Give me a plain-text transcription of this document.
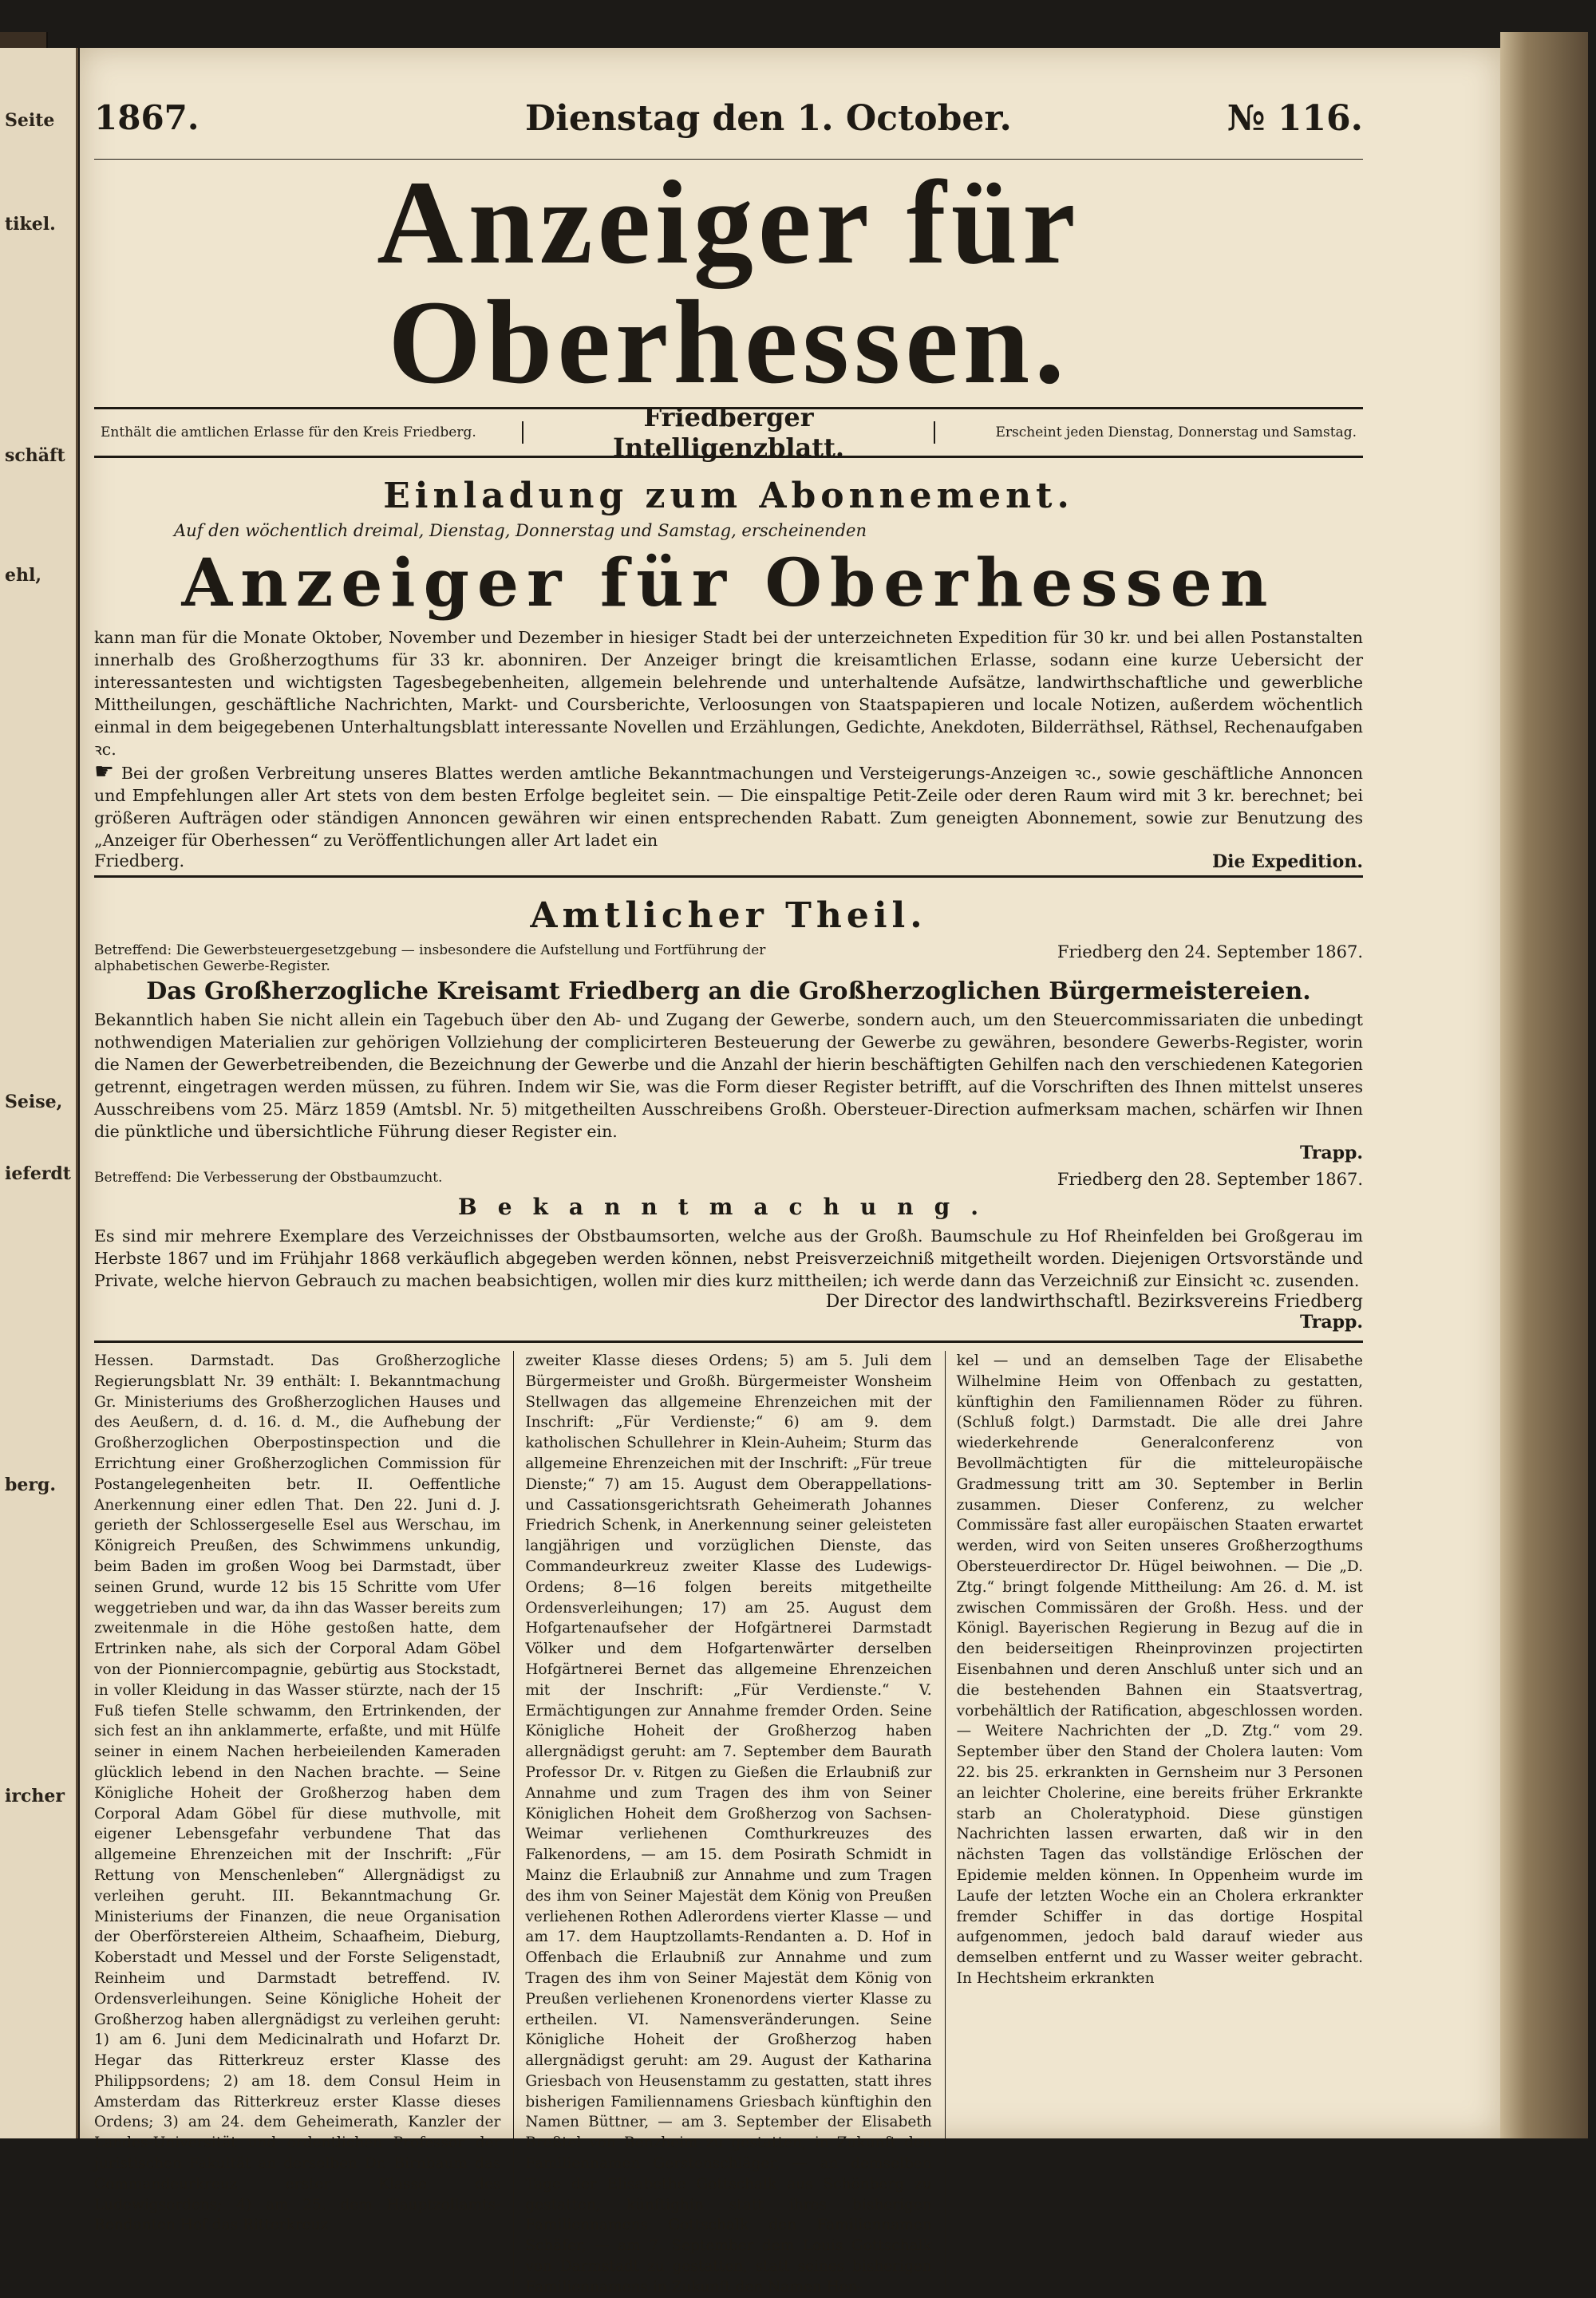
Seite
tikel.
schäft
ehl,
Seise,
ieferdt
berg.
ircher
1867.	Dienstag den 1. October.	№ 116.
Anzeiger für Oberhessen.
Enthält die amtlichen Erlasse für den Kreis Friedberg.	Friedberger Intelligenzblatt.	Erscheint jeden Dienstag, Donnerstag und Samstag.
Einladung zum Abonnement.
Auf den wöchentlich dreimal, Dienstag, Donnerstag und Samstag, erscheinenden
Anzeiger für Oberhessen

kann man für die Monate Oktober, November und Dezember in hiesiger Stadt bei der unterzeichneten Expedition für 30 kr. und bei allen Postanstalten innerhalb des Großherzogthums für 33 kr. abonniren. Der Anzeiger bringt die kreisamtlichen Erlasse, sodann eine kurze Uebersicht der interessantesten und wichtigsten Tagesbegebenheiten, allgemein belehrende und unterhaltende Aufsätze, landwirthschaftliche und gewerbliche Mittheilungen, geschäftliche Nachrichten, Markt- und Coursberichte, Verloosungen von Staatspapieren und locale Notizen, außerdem wöchentlich einmal in dem beigegebenen Unterhaltungsblatt interessante Novellen und Erzählungen, Gedichte, Anekdoten, Bilderräthsel, Räthsel, Rechenaufgaben ꝛc.

☛ Bei der großen Verbreitung unseres Blattes werden amtliche Bekanntmachungen und Versteigerungs-Anzeigen ꝛc., sowie geschäftliche Annoncen und Empfehlungen aller Art stets von dem besten Erfolge begleitet sein. — Die einspaltige Petit-Zeile oder deren Raum wird mit 3 kr. berechnet; bei größeren Aufträgen oder ständigen Annoncen gewähren wir einen entsprechenden Rabatt. Zum geneigten Abonnement, sowie zur Benutzung des „Anzeiger für Oberhessen“ zu Veröffentlichungen aller Art ladet ein

Friedberg.	Die Expedition.
Amtlicher Theil.
Betreffend: Die Gewerbsteuergesetzgebung — insbesondere die Aufstellung und Fortführung der alphabetischen Gewerbe-Register.
Friedberg den 24. September 1867.
Das Großherzogliche Kreisamt Friedberg an die Großherzoglichen Bürgermeistereien.

Bekanntlich haben Sie nicht allein ein Tagebuch über den Ab- und Zugang der Gewerbe, sondern auch, um den Steuercommissariaten die unbedingt nothwendigen Materialien zur gehörigen Vollziehung der complicirteren Besteuerung der Gewerbe zu gewähren, besondere Gewerbs-Register, worin die Namen der Gewerbetreibenden, die Bezeichnung der Gewerbe und die Anzahl der hierin beschäftigten Gehilfen nach den verschiedenen Kategorien getrennt, eingetragen werden müssen, zu führen. Indem wir Sie, was die Form dieser Register betrifft, auf die Vorschriften des Ihnen mittelst unseres Ausschreibens vom 25. März 1859 (Amtsbl. Nr. 5) mitgetheilten Ausschreibens Großh. Obersteuer-Direction aufmerksam machen, schärfen wir Ihnen die pünktliche und übersichtliche Führung dieser Register ein.

Trapp.
Betreffend: Die Verbesserung der Obstbaumzucht.	Friedberg den 28. September 1867.
Bekanntmachung.

Es sind mir mehrere Exemplare des Verzeichnisses der Obstbaumsorten, welche aus der Großh. Baumschule zu Hof Rheinfelden bei Großgerau im Herbste 1867 und im Frühjahr 1868 verkäuflich abgegeben werden können, nebst Preisverzeichniß mitgetheilt worden. Diejenigen Ortsvorstände und Private, welche hiervon Gebrauch zu machen beabsichtigen, wollen mir dies kurz mittheilen; ich werde dann das Verzeichniß zur Einsicht ꝛc. zusenden.

Der Director des landwirthschaftl. Bezirksvereins Friedberg
Trapp.

Hessen. Darmstadt. Das Großherzogliche Regierungsblatt Nr. 39 enthält: I. Bekanntmachung Gr. Ministeriums des Großherzoglichen Hauses und des Aeußern, d. d. 16. d. M., die Aufhebung der Großherzoglichen Oberpostinspection und die Errichtung einer Großherzoglichen Commission für Postangelegenheiten betr. II. Oeffentliche Anerkennung einer edlen That. Den 22. Juni d. J. gerieth der Schlossergeselle Esel aus Werschau, im Königreich Preußen, des Schwimmens unkundig, beim Baden im großen Woog bei Darmstadt, über seinen Grund, wurde 12 bis 15 Schritte vom Ufer weggetrieben und war, da ihn das Wasser bereits zum zweitenmale in die Höhe gestoßen hatte, dem Ertrinken nahe, als sich der Corporal Adam Göbel von der Pionniercompagnie, gebürtig aus Stockstadt, in voller Kleidung in das Wasser stürzte, nach der 15 Fuß tiefen Stelle schwamm, den Ertrinkenden, der sich fest an ihn anklammerte, erfaßte, und mit Hülfe seiner in einem Nachen herbeieilenden Kameraden glücklich lebend in den Nachen brachte. — Seine Königliche Hoheit der Großherzog haben dem Corporal Adam Göbel für diese muthvolle, mit eigener Lebensgefahr verbundene That das allgemeine Ehrenzeichen mit der Inschrift: „Für Rettung von Menschenleben“ Allergnädigst zu verleihen geruht. III. Bekanntmachung Gr. Ministeriums der Finanzen, die neue Organisation der Oberförstereien Altheim, Schaafheim, Dieburg, Koberstadt und Messel und der Forste Seligenstadt, Reinheim und Darmstadt betreffend. IV. Ordensverleihungen. Seine Königliche Hoheit der Großherzog haben allergnädigst zu verleihen geruht: 1) am 6. Juni dem Medicinalrath und Hofarzt Dr. Hegar das Ritterkreuz erster Klasse des Philippsordens; 2) am 18. dem Consul Heim in Amsterdam das Ritterkreuz erster Klasse dieses Ordens; 3) am 24. dem Geheimerath, Kanzler der Landes-Universität und ordentlichen Professor der juristischen Fakultät an derselben Dr. Birnbaum das Commandeurkreuz erster Klasse des Ludewigsordens; 4) am 25. dem Hauptzollamts-Rendanten Hof das Ritterkreuz

zweiter Klasse dieses Ordens; 5) am 5. Juli dem Bürgermeister und Großh. Bürgermeister Wonsheim Stellwagen das allgemeine Ehrenzeichen mit der Inschrift: „Für Verdienste;“ 6) am 9. dem katholischen Schullehrer in Klein-Auheim; Sturm das allgemeine Ehrenzeichen mit der Inschrift: „Für treue Dienste;“ 7) am 15. August dem Oberappellations- und Cassationsgerichtsrath Geheimerath Johannes Friedrich Schenk, in Anerkennung seiner geleisteten langjährigen und vorzüglichen Dienste, das Commandeurkreuz zweiter Klasse des Ludewigs-Ordens; 8—16 folgen bereits mitgetheilte Ordensverleihungen; 17) am 25. August dem Hofgartenaufseher der Hofgärtnerei Darmstadt Völker und dem Hofgartenwärter derselben Hofgärtnerei Bernet das allgemeine Ehrenzeichen mit der Inschrift: „Für Verdienste.“ V. Ermächtigungen zur Annahme fremder Orden. Seine Königliche Hoheit der Großherzog haben allergnädigst geruht: am 7. September dem Baurath Professor Dr. v. Ritgen zu Gießen die Erlaubniß zur Annahme und zum Tragen des ihm von Seiner Königlichen Hoheit dem Großherzog von Sachsen-Weimar verliehenen Comthurkreuzes des Falkenordens, — am 15. dem Posirath Schmidt in Mainz die Erlaubniß zur Annahme und zum Tragen des ihm von Seiner Majestät dem König von Preußen verliehenen Rothen Adlerordens vierter Klasse — und am 17. dem Hauptzollamts-Rendanten a. D. Hof in Offenbach die Erlaubniß zur Annahme und zum Tragen des ihm von Seiner Majestät dem König von Preußen verliehenen Kronenordens vierter Klasse zu ertheilen. VI. Namensveränderungen. Seine Königliche Hoheit der Großherzog haben allergnädigst geruht: am 29. August der Katharina Griesbach von Heusenstamm zu gestatten, statt ihres bisherigen Familiennamens Griesbach künftighin den Namen Büttner, — am 3. September der Elisabeth Breßtel von Benzheim zu gestatten, in Zukunft den Familiennamen Gerstenschläger, — an demselben Tage der Elisabethe Gottschalk aus Schönberg zu gestatten, künftighin statt ihres bisherigen Familiennamens Gottschalk den Familiennamen Schäfer, — am 7. September dem Louis Gottschalk von Darmstadt zu gestatten, statt seines bisherigen Familiennamens in Zukunft den Namen Hen-

kel — und an demselben Tage der Elisabethe Wilhelmine Heim von Offenbach zu gestatten, künftighin den Familiennamen Röder zu führen. (Schluß folgt.) Darmstadt. Die alle drei Jahre wiederkehrende Generalconferenz von Bevollmächtigten für die mitteleuropäische Gradmessung tritt am 30. September in Berlin zusammen. Dieser Conferenz, zu welcher Commissäre fast aller europäischen Staaten erwartet werden, wird von Seiten unseres Großherzogthums Obersteuerdirector Dr. Hügel beiwohnen. — Die „D. Ztg.“ bringt folgende Mittheilung: Am 26. d. M. ist zwischen Commissären der Großh. Hess. und der Königl. Bayerischen Regierung in Bezug auf die in den beiderseitigen Rheinprovinzen projectirten Eisenbahnen und deren Anschluß unter sich und an die bestehenden Bahnen ein Staatsvertrag, vorbehältlich der Ratification, abgeschlossen worden. — Weitere Nachrichten der „D. Ztg.“ vom 29. September über den Stand der Cholera lauten: Vom 22. bis 25. erkrankten in Gernsheim nur 3 Personen an leichter Cholerine, eine bereits früher Erkrankte starb an Choleratyphoid. Diese günstigen Nachrichten lassen erwarten, daß wir in den nächsten Tagen das vollständige Erlöschen der Epidemie melden können. In Oppenheim wurde im Laufe der letzten Woche ein an Cholera erkrankter fremder Schiffer in das dortige Hospital aufgenommen, jedoch bald darauf wieder aus demselben entfernt und zu Wasser weiter gebracht. In Hechtsheim erkrankten
